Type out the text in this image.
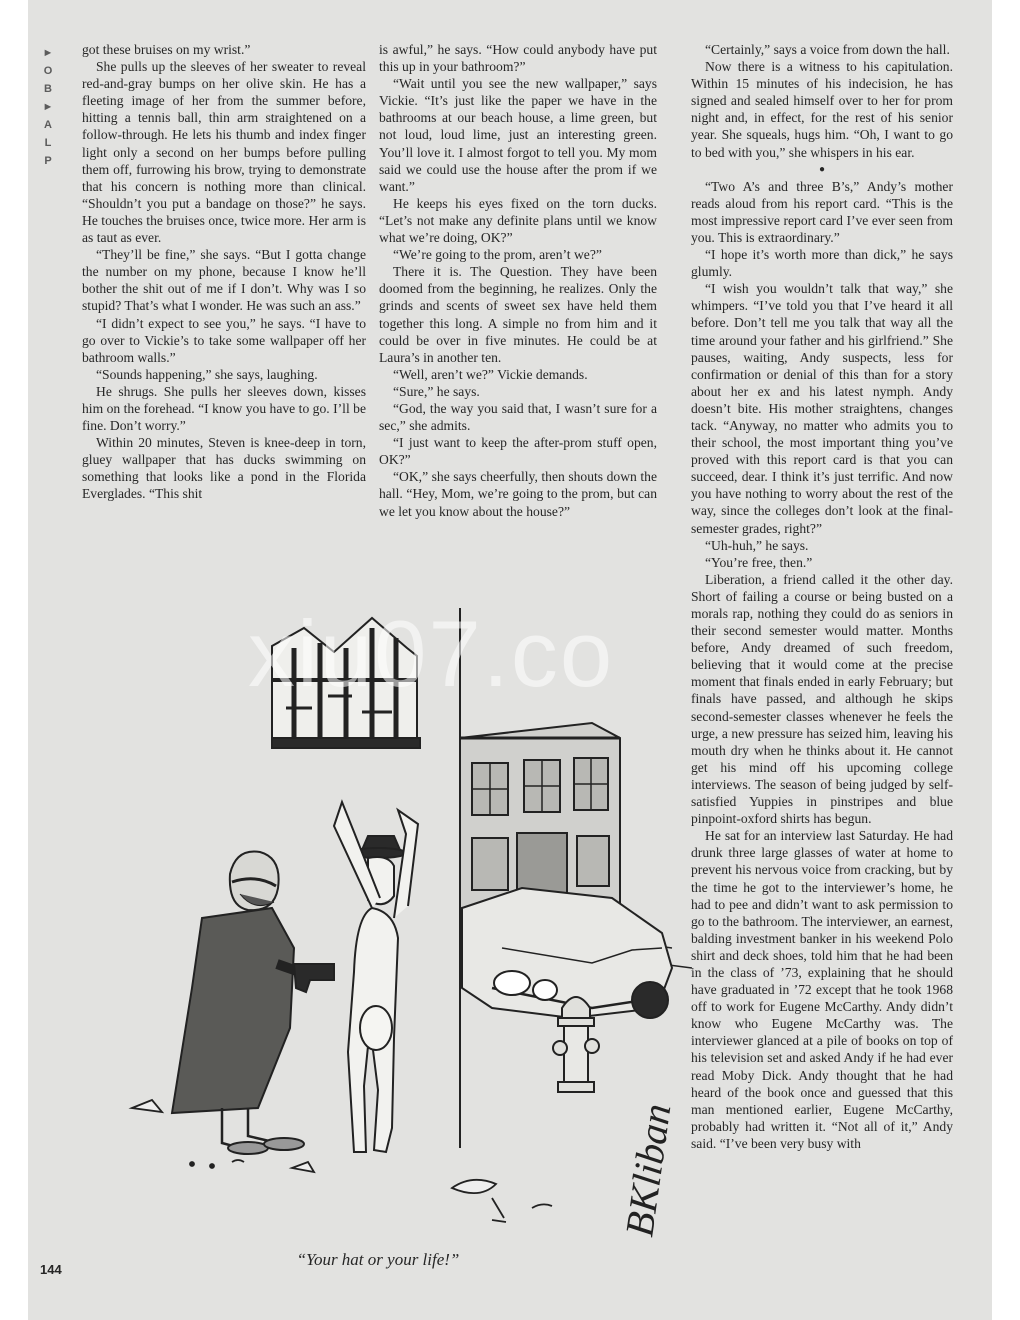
►
O
B
►
A
L
P

got these bruises on my wrist.”

She pulls up the sleeves of her sweater to reveal red-and-gray bumps on her olive skin. He has a fleeting image of her from the summer before, hitting a tennis ball, thin arm straightened on a follow-through. He lets his thumb and index finger light only a second on her bumps before pulling them off, furrowing his brow, trying to demonstrate that his concern is nothing more than clinical. “Shouldn’t you put a bandage on those?” he says. He touches the bruises once, twice more. Her arm is as taut as ever.

“They’ll be fine,” she says. “But I gotta change the number on my phone, because I know he’ll bother the shit out of me if I don’t. Why was I so stupid? That’s what I wonder. He was such an ass.”

“I didn’t expect to see you,” he says. “I have to go over to Vickie’s to take some wallpaper off her bathroom walls.”

“Sounds happening,” she says, laughing.

He shrugs. She pulls her sleeves down, kisses him on the forehead. “I know you have to go. I’ll be fine. Don’t worry.”

Within 20 minutes, Steven is knee-deep in torn, gluey wallpaper that has ducks swimming on something that looks like a pond in the Florida Everglades. “This shit

is awful,” he says. “How could anybody have put this up in your bathroom?”

“Wait until you see the new wallpaper,” says Vickie. “It’s just like the paper we have in the bathrooms at our beach house, a lime green, but not loud, loud lime, just an interesting green. You’ll love it. I almost forgot to tell you. My mom said we could use the house after the prom if we want.”

He keeps his eyes fixed on the torn ducks. “Let’s not make any definite plans until we know what we’re doing, OK?”

“We’re going to the prom, aren’t we?”

There it is. The Question. They have been doomed from the beginning, he realizes. Only the grinds and scents of sweet sex have held them together this long. A simple no from him and it could be over in five minutes. He could be at Laura’s in another ten.

“Well, aren’t we?” Vickie demands.

“Sure,” he says.

“God, the way you said that, I wasn’t sure for a sec,” she admits.

“I just want to keep the after-prom stuff open, OK?”

“OK,” she says cheerfully, then shouts down the hall. “Hey, Mom, we’re going to the prom, but can we let you know about the house?”

“Certainly,” says a voice from down the hall.

Now there is a witness to his capitulation. Within 15 minutes of his indecision, he has signed and sealed himself over to her for prom night and, in effect, for the rest of his senior year. She squeals, hugs him. “Oh, I want to go to bed with you,” she whispers in his ear.

●

“Two A’s and three B’s,” Andy’s mother reads aloud from his report card. “This is the most impressive report card I’ve ever seen from you. This is extraordinary.”

“I hope it’s worth more than dick,” he says glumly.

“I wish you wouldn’t talk that way,” she whimpers. “I’ve told you that I’ve heard it all before. Don’t tell me you talk that way all the time around your father and his girlfriend.” She pauses, waiting, Andy suspects, less for confirmation or denial of this than for a story about her ex and his latest nymph. Andy doesn’t bite. His mother straightens, changes tack. “Anyway, no matter who admits you to their school, the most important thing you’ve proved with this report card is that you can succeed, dear. I think it’s just terrific. And now you have nothing to worry about the rest of the way, since the colleges don’t look at the final-semester grades, right?”

“Uh-huh,” he says.

“You’re free, then.”

Liberation, a friend called it the other day. Short of failing a course or being busted on a morals rap, nothing they could do as seniors in their second semester would matter. Months before, Andy dreamed of such freedom, believing that it would come at the precise moment that finals ended in early February; but finals have passed, and although he skips second-semester classes whenever he feels the urge, a new pressure has seized him, leaving his mouth dry when he thinks about it. He cannot get his mind off his upcoming college interviews. The season of being judged by self-satisfied Yuppies in pinstripes and blue pinpoint-oxford shirts has begun.

He sat for an interview last Saturday. He had drunk three large glasses of water at home to prevent his nervous voice from cracking, but by the time he got to the interviewer’s home, he had to pee and didn’t want to ask permission to go to the bathroom. The interviewer, an earnest, balding investment banker in his weekend Polo shirt and deck shoes, told him that he had been in the class of ’73, explaining that he should have graduated in ’72 except that he took 1968 off to work for Eugene McCarthy. Andy didn’t know who Eugene McCarthy was. The interviewer glanced at a pile of books on top of his television set and asked Andy if he had ever read Moby Dick. Andy thought that he had heard of the book once and guessed that this man mentioned earlier, Eugene McCarthy, probably had written it. “Not all of it,” Andy said. “I’ve been very busy with

BKliban
“Your hat or your life!”
144
xiu07.co
